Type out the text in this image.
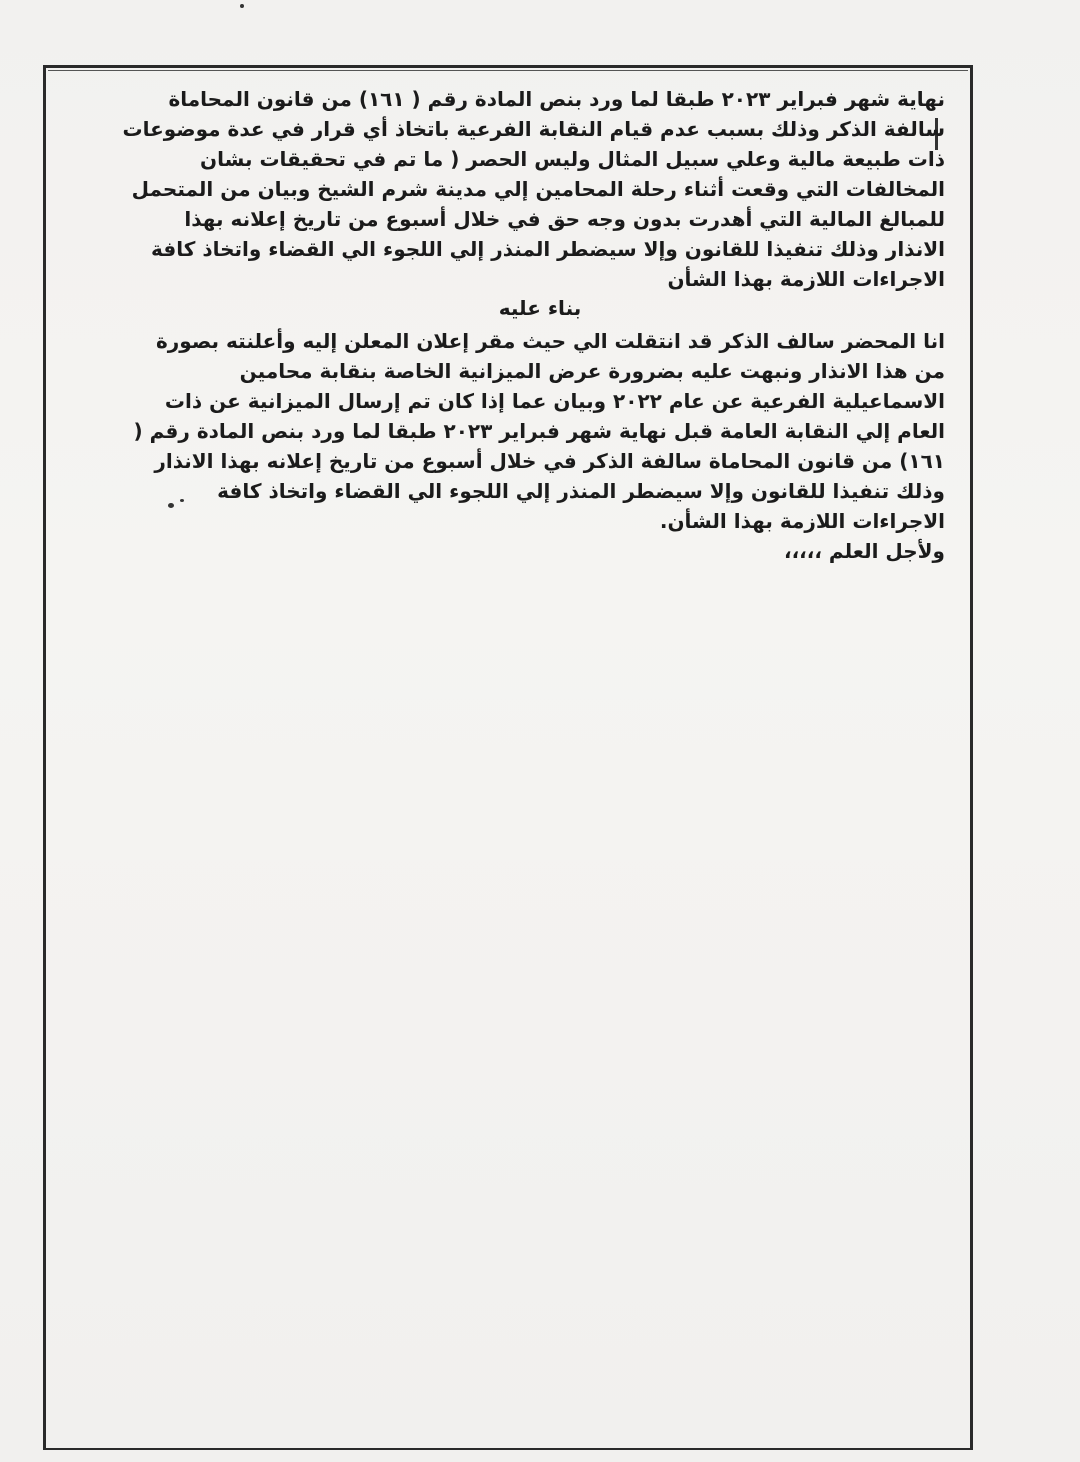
نهاية شهر فبراير ٢٠٢٣ طبقا لما ورد بنص المادة رقم ( ١٦١) من قانون المحاماة
سالفة الذكر وذلك بسبب عدم قيام النقابة الفرعية باتخاذ أي قرار في عدة موضوعات
ذات طبيعة مالية وعلي سبيل المثال وليس الحصر ( ما تم في تحقيقات بشان
المخالفات التي وقعت أثناء رحلة المحامين إلي مدينة شرم الشيخ وبيان من المتحمل
للمبالغ المالية التي أهدرت بدون وجه حق في خلال أسبوع من تاريخ إعلانه بهذا
الانذار وذلك تنفيذا للقانون وإلا سيضطر المنذر إلي اللجوء الي القضاء واتخاذ كافة
الاجراءات اللازمة بهذا الشأن
بناء عليه
انا المحضر سالف الذكر قد انتقلت الي حيث مقر إعلان المعلن إليه وأعلنته بصورة
من هذا الانذار ونبهت عليه بضرورة عرض الميزانية الخاصة بنقابة محامين
الاسماعيلية الفرعية عن عام ٢٠٢٢ وبيان عما إذا كان تم إرسال الميزانية عن ذات
العام إلي النقابة العامة قبل نهاية شهر فبراير ٢٠٢٣ طبقا لما ورد بنص المادة رقم (
١٦١) من قانون المحاماة سالفة الذكر في خلال أسبوع من تاريخ إعلانه بهذا الانذار
وذلك تنفيذا للقانون وإلا سيضطر المنذر إلي اللجوء الي القضاء واتخاذ كافة
الاجراءات اللازمة بهذا الشأن.
ولأجل العلم ،،،،،
